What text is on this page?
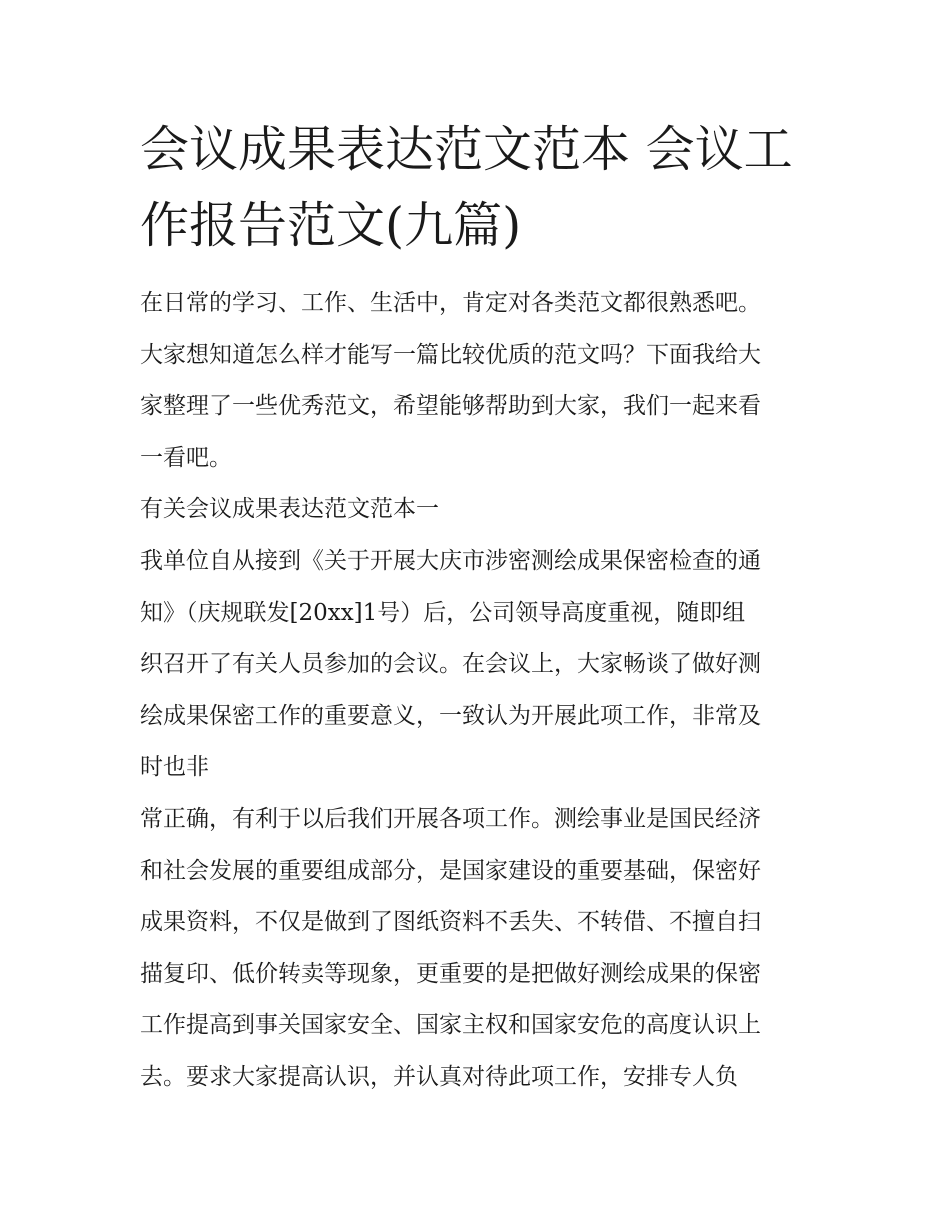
会议成果表达范文范本 会议工
作报告范文(九篇)

在日常的学习、工作、生活中，肯定对各类范文都很熟悉吧。
大家想知道怎么样才能写一篇比较优质的范文吗？下面我给大
家整理了一些优秀范文，希望能够帮助到大家，我们一起来看
一看吧。

有关会议成果表达范文范本一

我单位自从接到《关于开展大庆市涉密测绘成果保密检查的通
知》（庆规联发[20xx]1号）后，公司领导高度重视，随即组
织召开了有关人员参加的会议。在会议上，大家畅谈了做好测
绘成果保密工作的重要意义，一致认为开展此项工作，非常及
时也非

常正确，有利于以后我们开展各项工作。测绘事业是国民经济
和社会发展的重要组成部分，是国家建设的重要基础，保密好
成果资料，不仅是做到了图纸资料不丢失、不转借、不擅自扫
描复印、低价转卖等现象，更重要的是把做好测绘成果的保密
工作提高到事关国家安全、国家主权和国家安危的高度认识上
去。要求大家提高认识，并认真对待此项工作，安排专人负
